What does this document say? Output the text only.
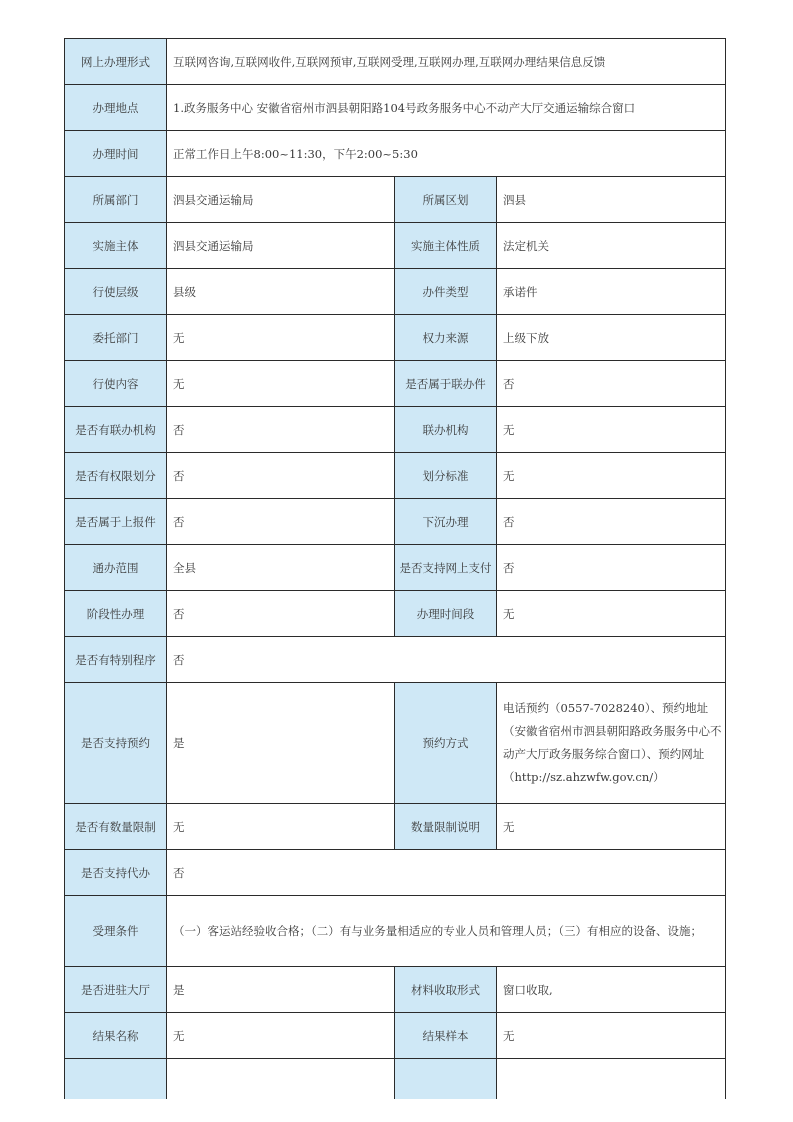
网上办理形式	互联网咨询,互联网收件,互联网预审,互联网受理,互联网办理,互联网办理结果信息反馈		
办理地点	1.政务服务中心 安徽省宿州市泗县朝阳路104号政务服务中心不动产大厅交通运输综合窗口		
办理时间	正常工作日上午8:00~11:30，下午2:00~5:30		
所属部门	泗县交通运输局	所属区划	泗县
实施主体	泗县交通运输局	实施主体性质	法定机关
行使层级	县级	办件类型	承诺件
委托部门	无	权力来源	上级下放
行使内容	无	是否属于联办件	否
是否有联办机构	否	联办机构	无
是否有权限划分	否	划分标准	无
是否属于上报件	否	下沉办理	否
通办范围	全县	是否支持网上支付	否
阶段性办理	否	办理时间段	无
是否有特别程序	否		
是否支持预约	是	预约方式	电话预约（0557-7028240）、预约地址（安徽省宿州市泗县朝阳路政务服务中心不动产大厅政务服务综合窗口）、预约网址（http://sz.ahzwfw.gov.cn/）
是否有数量限制	无	数量限制说明	无
是否支持代办	否		
受理条件	（一）客运站经验收合格；（二）有与业务量相适应的专业人员和管理人员；（三）有相应的设备、设施；		
是否进驻大厅	是	材料收取形式	窗口收取,
结果名称	无	结果样本	无
